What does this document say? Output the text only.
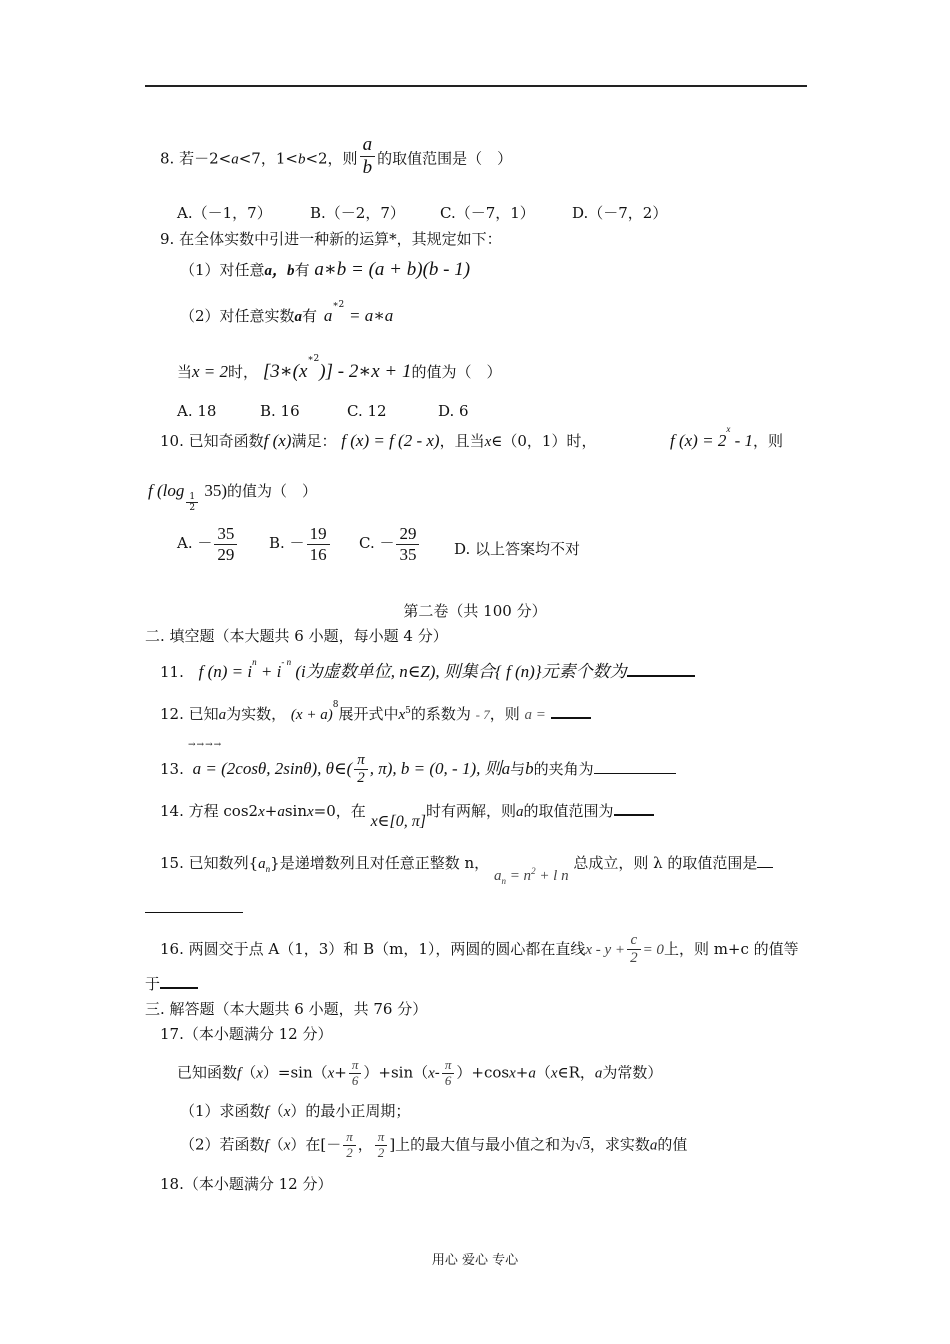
8. 若－2<a<7，1<b<2，则 $\frac{a}{b}$ 的取值范围是（　）
A.（－1，7）	B.（－2，7） C.（－7，1） D.（－7，2）
9. 在全体实数中引进一种新的运算*，其规定如下：
（1）对任意a，b有 a∗b = (a + b)(b - 1)
（2）对任意实数a有 $a^{∗2}$ = a∗a
当x = 2时， $[3∗(x^{∗2})]$ - 2∗x + 1的值为（　）
A. 18	B. 16	C. 12	D. 6
10. 已知奇函数f (x)满足： f (x) = f (2 - x)，且当x∈（0，1）时，	f $(x) = 2^x - 1$，则
f (log
$\frac{1}{2}$
35)的值为（　）
A. － $\frac{35}{29} B$. － $\frac{19}{16} C$. － $\frac{29}{35} D$. 以上答案均不对
第二卷（共 100 分）
二. 填空题（本大题共 6 小题，每小题 4 分）
11. f $(n) = i^n + i^{- n}$ (i为虚数单位, n∈Z), 则集合{ f (n)}元素个数为
12. 已知a为实数， $(x + a)^8$展开式中$x^5$的系数为 - 7，则 a =
→→→→
13. a = (2cosθ, 2sinθ), θ∈( $\frac{\pi}{2}$ , π), b = (0, - 1), 则a与b的夹角为
14. 方程 cos2x+asinx=0，在 x∈[0, π]时有两解，则a的取值范围为
15. 已知数列$\{a_n\}$是递增数列且对任意正整数 n， $a_n = n^2 + l$ n 总成立，则 λ 的取值范围是
16. 两圆交于点 A（1，3）和 B（m，1），两圆的圆心都在直线$x - y + \frac{c}{2} = 0$上，则 m+c 的值等
于
三. 解答题（本大题共 6 小题，共 76 分）
17.（本小题满分 12 分）
已知函数$f(x)=\sin(x+ \frac{\pi}{6} )+\sin(x- \frac{\pi}{6}$ ）+cosx+a（x∈R，a为常数）
（1）求函数f（x）的最小正周期；
（2）若函数f（x）在[－ $\frac{\pi}{2}$ ， $\frac{\pi}{2}$ ]上的最大值与最小值之和为√3，求实数a的值
18.（本小题满分 12 分）
用心 爱心 专心
